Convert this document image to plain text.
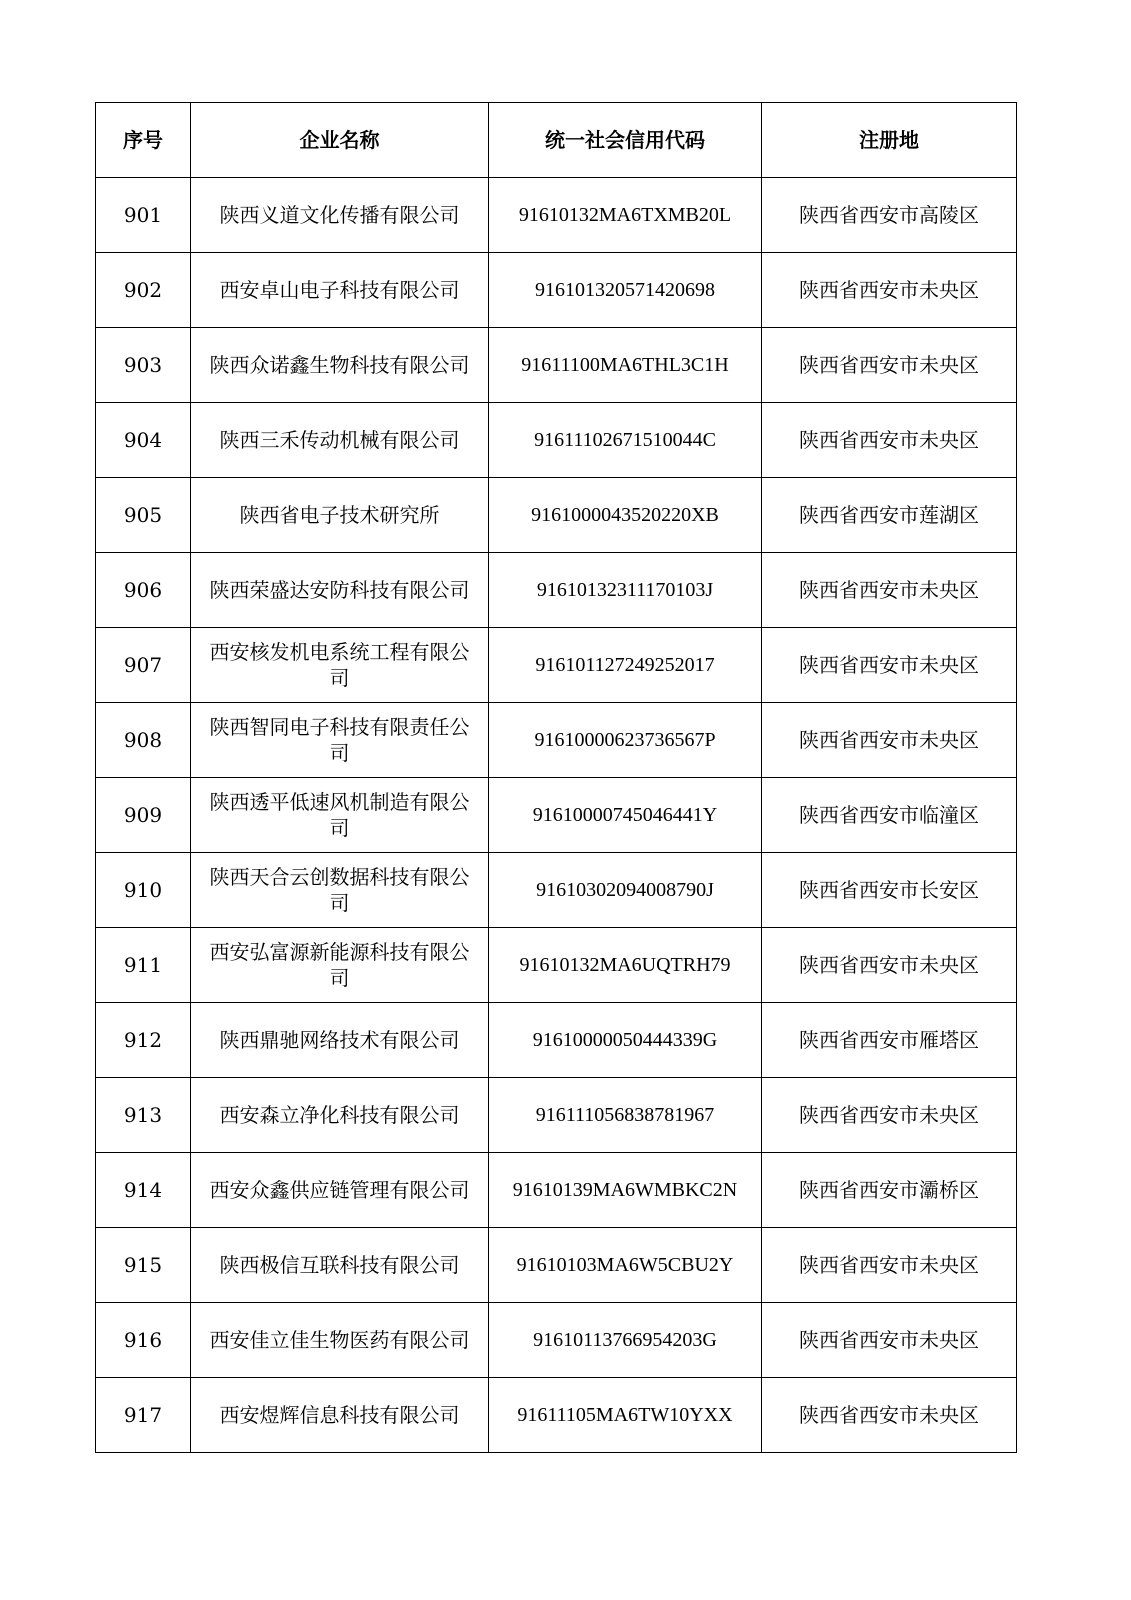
序号	企业名称	统一社会信用代码	注册地
901	陕西义道文化传播有限公司	91610132MA6TXMB20L	陕西省西安市高陵区
902	西安卓山电子科技有限公司	916101320571420698	陕西省西安市未央区
903	陕西众诺鑫生物科技有限公司	91611100MA6THL3C1H	陕西省西安市未央区
904	陕西三禾传动机械有限公司	91611102671510044C	陕西省西安市未央区
905	陕西省电子技术研究所	9161000043520220XB	陕西省西安市莲湖区
906	陕西荣盛达安防科技有限公司	91610132311170103J	陕西省西安市未央区
907	西安核发机电系统工程有限公司	916101127249252017	陕西省西安市未央区
908	陕西智同电子科技有限责任公司	91610000623736567P	陕西省西安市未央区
909	陕西透平低速风机制造有限公司	91610000745046441Y	陕西省西安市临潼区
910	陕西天合云创数据科技有限公司	91610302094008790J	陕西省西安市长安区
911	西安弘富源新能源科技有限公司	91610132MA6UQTRH79	陕西省西安市未央区
912	陕西鼎驰网络技术有限公司	91610000050444339G	陕西省西安市雁塔区
913	西安森立净化科技有限公司	916111056838781967	陕西省西安市未央区
914	西安众鑫供应链管理有限公司	91610139MA6WMBKC2N	陕西省西安市灞桥区
915	陕西极信互联科技有限公司	91610103MA6W5CBU2Y	陕西省西安市未央区
916	西安佳立佳生物医药有限公司	91610113766954203G	陕西省西安市未央区
917	西安煜辉信息科技有限公司	91611105MA6TW10YXX	陕西省西安市未央区
